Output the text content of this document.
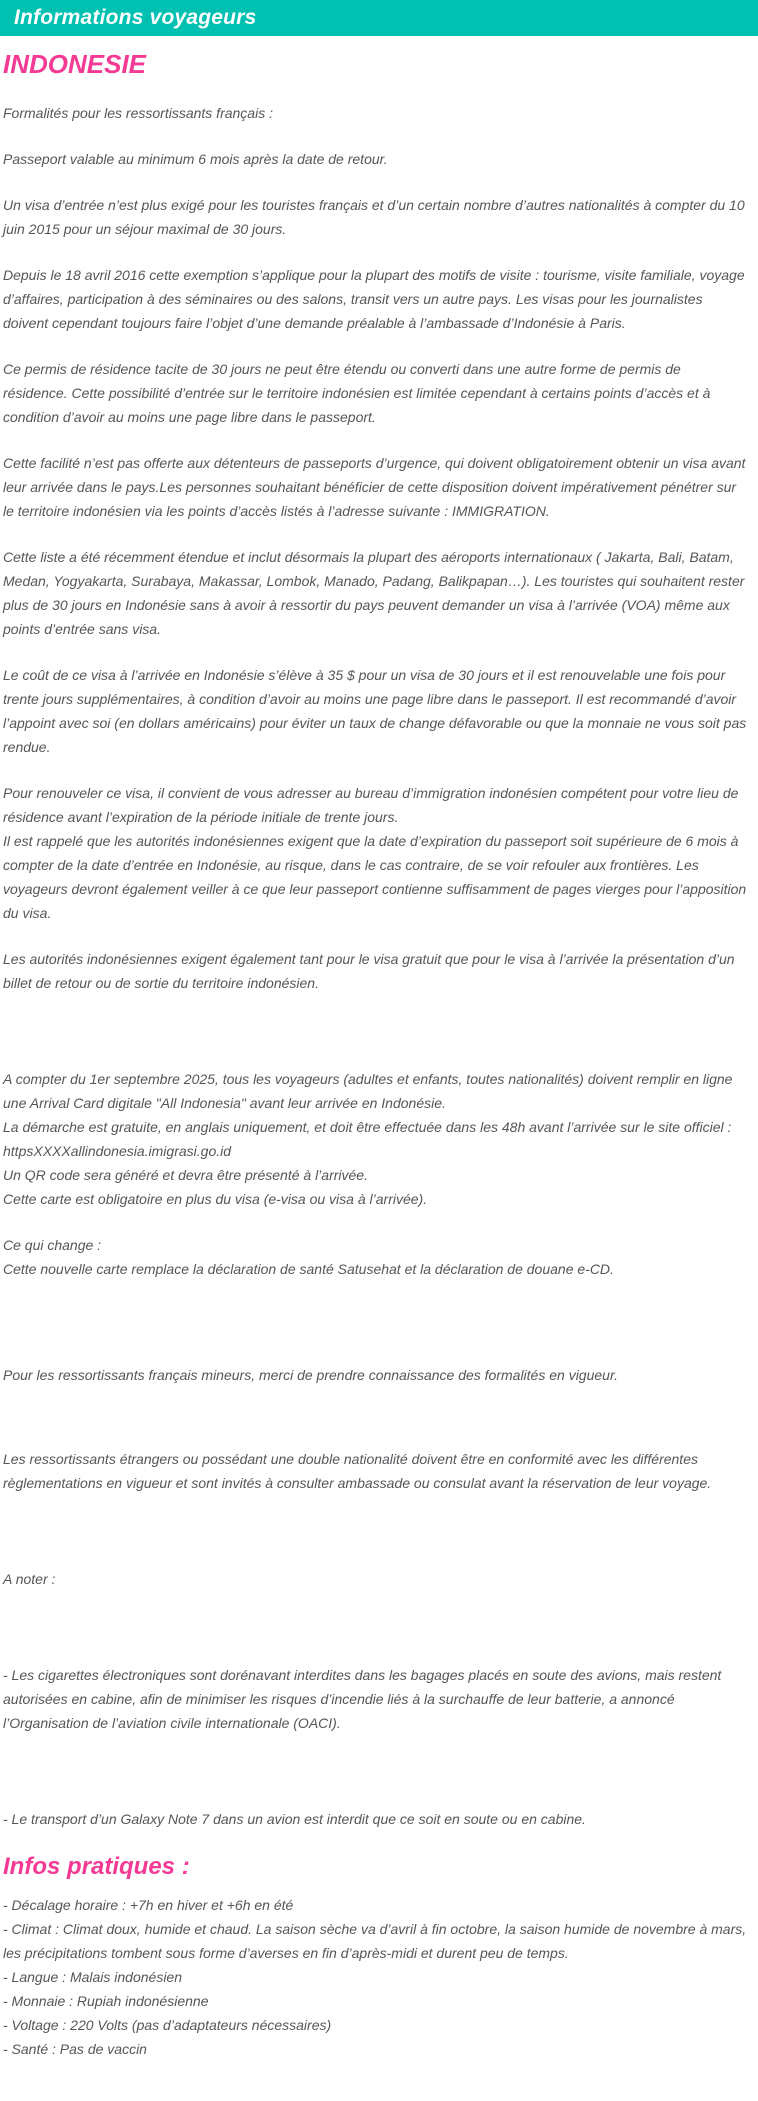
Informations voyageurs
INDONESIE

Formalités pour les ressortissants français :

Passeport valable au minimum 6 mois après la date de retour.

Un visa d’entrée n’est plus exigé pour les touristes français et d’un certain nombre d’autres nationalités à compter du 10 juin 2015 pour un séjour maximal de 30 jours.

Depuis le 18 avril 2016 cette exemption s’applique pour la plupart des motifs de visite : tourisme, visite familiale, voyage d’affaires, participation à des séminaires ou des salons, transit vers un autre pays. Les visas pour les journalistes doivent cependant toujours faire l’objet d’une demande préalable à l’ambassade d’Indonésie à Paris.

Ce permis de résidence tacite de 30 jours ne peut être étendu ou converti dans une autre forme de permis de résidence. Cette possibilité d’entrée sur le territoire indonésien est limitée cependant à certains points d’accès et à condition d’avoir au moins une page libre dans le passeport.

Cette facilité n’est pas offerte aux détenteurs de passeports d’urgence, qui doivent obligatoirement obtenir un visa avant leur arrivée dans le pays.Les personnes souhaitant bénéficier de cette disposition doivent impérativement pénétrer sur le territoire indonésien via les points d’accès listés à l’adresse suivante : IMMIGRATION.

Cette liste a été récemment étendue et inclut désormais la plupart des aéroports internationaux ( Jakarta, Bali, Batam, Medan, Yogyakarta, Surabaya, Makassar, Lombok, Manado, Padang, Balikpapan…). Les touristes qui souhaitent rester plus de 30 jours en Indonésie sans à avoir à ressortir du pays peuvent demander un visa à l’arrivée (VOA) même aux points d’entrée sans visa.

Le coût de ce visa à l’arrivée en Indonésie s’élève à 35 $ pour un visa de 30 jours et il est renouvelable une fois pour trente jours supplémentaires, à condition d’avoir au moins une page libre dans le passeport. Il est recommandé d’avoir l’appoint avec soi (en dollars américains) pour éviter un taux de change défavorable ou que la monnaie ne vous soit pas rendue.

Pour renouveler ce visa, il convient de vous adresser au bureau d’immigration indonésien compétent pour votre lieu de résidence avant l’expiration de la période initiale de trente jours.
Il est rappelé que les autorités indonésiennes exigent que la date d’expiration du passeport soit supérieure de 6 mois à compter de la date d’entrée en Indonésie, au risque, dans le cas contraire, de se voir refouler aux frontières. Les voyageurs devront également veiller à ce que leur passeport contienne suffisamment de pages vierges pour l’apposition du visa.

Les autorités indonésiennes exigent également tant pour le visa gratuit que pour le visa à l’arrivée la présentation d’un billet de retour ou de sortie du territoire indonésien.

A compter du 1er septembre 2025, tous les voyageurs (adultes et enfants, toutes nationalités) doivent remplir en ligne une Arrival Card digitale "All Indonesia" avant leur arrivée en Indonésie.
La démarche est gratuite, en anglais uniquement, et doit être effectuée dans les 48h avant l’arrivée sur le site officiel : httpsXXXXallindonesia.imigrasi.go.id
Un QR code sera généré et devra être présenté à l’arrivée.
Cette carte est obligatoire en plus du visa (e-visa ou visa à l’arrivée).

Ce qui change :
Cette nouvelle carte remplace la déclaration de santé Satusehat et la déclaration de douane e-CD.

Pour les ressortissants français mineurs, merci de prendre connaissance des formalités en vigueur.

Les ressortissants étrangers ou possédant une double nationalité doivent être en conformité avec les différentes règlementations en vigueur et sont invités à consulter ambassade ou consulat avant la réservation de leur voyage.

A noter :

- Les cigarettes électroniques sont dorénavant interdites dans les bagages placés en soute des avions, mais restent autorisées en cabine, afin de minimiser les risques d’incendie liés à la surchauffe de leur batterie, a annoncé l’Organisation de l’aviation civile internationale (OACI).

- Le transport d’un Galaxy Note 7 dans un avion est interdit que ce soit en soute ou en cabine.

Infos pratiques :
- Décalage horaire : +7h en hiver et +6h en été
- Climat : Climat doux, humide et chaud. La saison sèche va d’avril à fin octobre, la saison humide de novembre à mars, les précipitations tombent sous forme d’averses en fin d’après-midi et durent peu de temps.
- Langue : Malais indonésien
- Monnaie : Rupiah indonésienne
- Voltage : 220 Volts (pas d’adaptateurs nécessaires)
- Santé : Pas de vaccin
